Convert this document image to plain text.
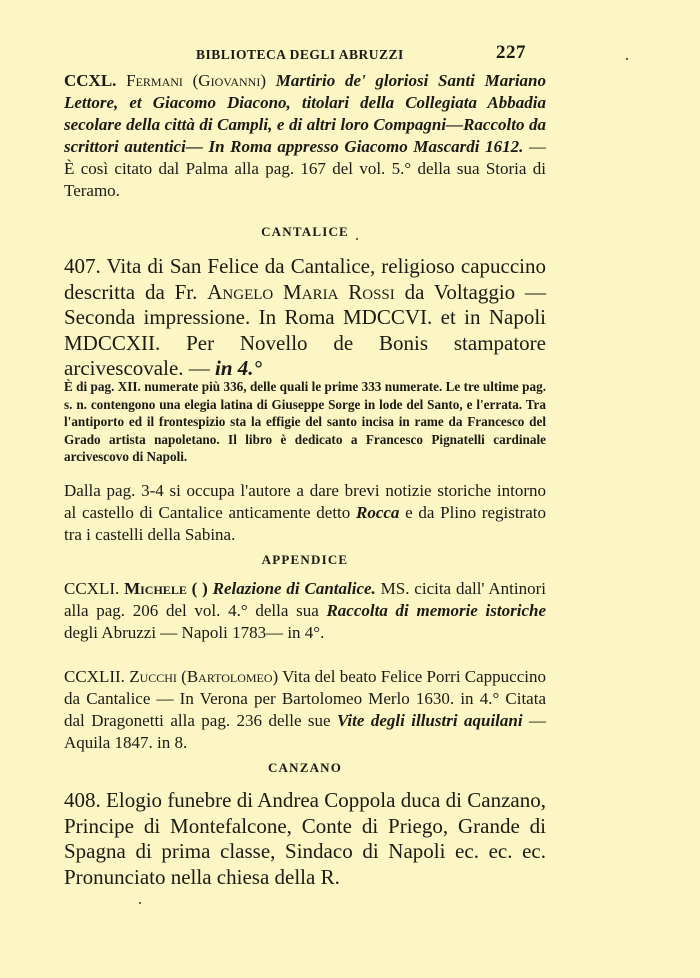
BIBLIOTECA DEGLI ABRUZZI	227
CCXL. Fermani (Giovanni) Martirio de' gloriosi Santi Mariano Lettore, et Giacomo Diacono, titolari della Collegiata Abbadia secolare della città di Campli, e di altri loro Compagni—Raccolto da scrittori autentici— In Roma appresso Giacomo Mascardi 1612. — È così citato dal Palma alla pag. 167 del vol. 5.° della sua Storia di Teramo.
CANTALICE
407. Vita di San Felice da Cantalice, religioso capuccino descritta da Fr. Angelo Maria Rossi da Voltaggio — Seconda impressione. In Roma MDCCVI. et in Napoli MDCCXII. Per Novello de Bonis stampatore arcivescovale. — in 4.°
È di pag. XII. numerate più 336, delle quali le prime 333 numerate. Le tre ultime pag. s. n. contengono una elegia latina di Giuseppe Sorge in lode del Santo, e l'errata. Tra l'antiporto ed il frontespizio sta la effigie del santo incisa in rame da Francesco del Grado artista napoletano. Il libro è dedicato a Francesco Pignatelli cardinale arcivescovo di Napoli.
Dalla pag. 3-4 si occupa l'autore a dare brevi notizie storiche intorno al castello di Cantalice anticamente detto Rocca e da Plino registrato tra i castelli della Sabina.
APPENDICE
CCXLI. Michele ( ) Relazione di Cantalice. MS. cicita dall' Antinori alla pag. 206 del vol. 4.° della sua Raccolta di memorie istoriche degli Abruzzi — Napoli 1783— in 4°.
CCXLII. Zucchi (Bartolomeo) Vita del beato Felice Porri Cappuccino da Cantalice — In Verona per Bartolomeo Merlo 1630. in 4.° Citata dal Dragonetti alla pag. 236 delle sue Vite degli illustri aquilani — Aquila 1847. in 8.
CANZANO
408. Elogio funebre di Andrea Coppola duca di Canzano, Principe di Montefalcone, Conte di Priego, Grande di Spagna di prima classe, Sindaco di Napoli ec. ec. ec. Pronunciato nella chiesa della R.
